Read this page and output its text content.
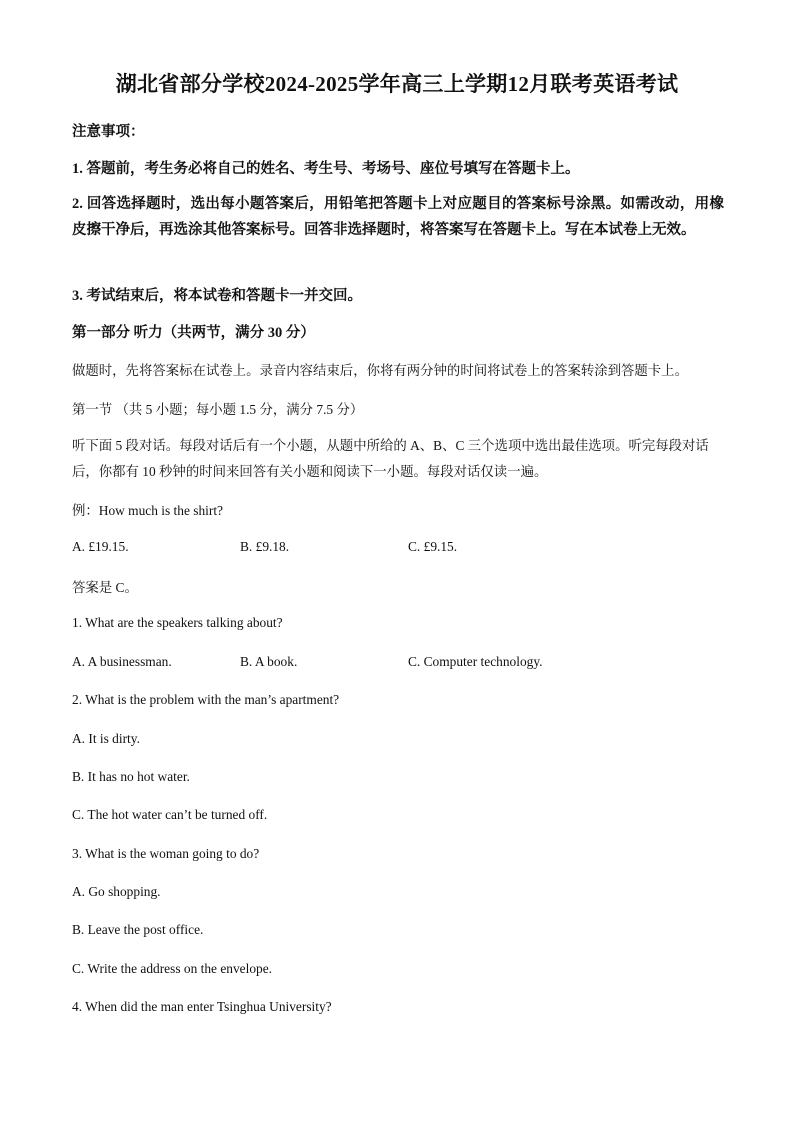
湖北省部分学校2024-2025学年高三上学期12月联考英语考试
注意事项：
1. 答题前，考生务必将自己的姓名、考生号、考场号、座位号填写在答题卡上。
2. 回答选择题时，选出每小题答案后，用铅笔把答题卡上对应题目的答案标号涂黑。如需改动，用橡皮擦干净后，再选涂其他答案标号。回答非选择题时，将答案写在答题卡上。写在本试卷上无效。
3. 考试结束后，将本试卷和答题卡一并交回。
第一部分 听力（共两节，满分 30 分）
做题时，先将答案标在试卷上。录音内容结束后，你将有两分钟的时间将试卷上的答案转涂到答题卡上。
第一节 （共 5 小题；每小题 1.5 分，满分 7.5 分）
听下面 5 段对话。每段对话后有一个小题，从题中所给的 A、B、C 三个选项中选出最佳选项。听完每段对话后，你都有 10 秒钟的时间来回答有关小题和阅读下一小题。每段对话仅读一遍。
例：How much is the shirt?
A. £19.15.	B. £9.18.	C. £9.15.
答案是 C。
1. What are the speakers talking about?
A. A businessman.	B. A book.	C. Computer technology.
2. What is the problem with the man’s apartment?
A. It is dirty.
B. It has no hot water.
C. The hot water can’t be turned off.
3. What is the woman going to do?
A. Go shopping.
B. Leave the post office.
C. Write the address on the envelope.
4. When did the man enter Tsinghua University?
